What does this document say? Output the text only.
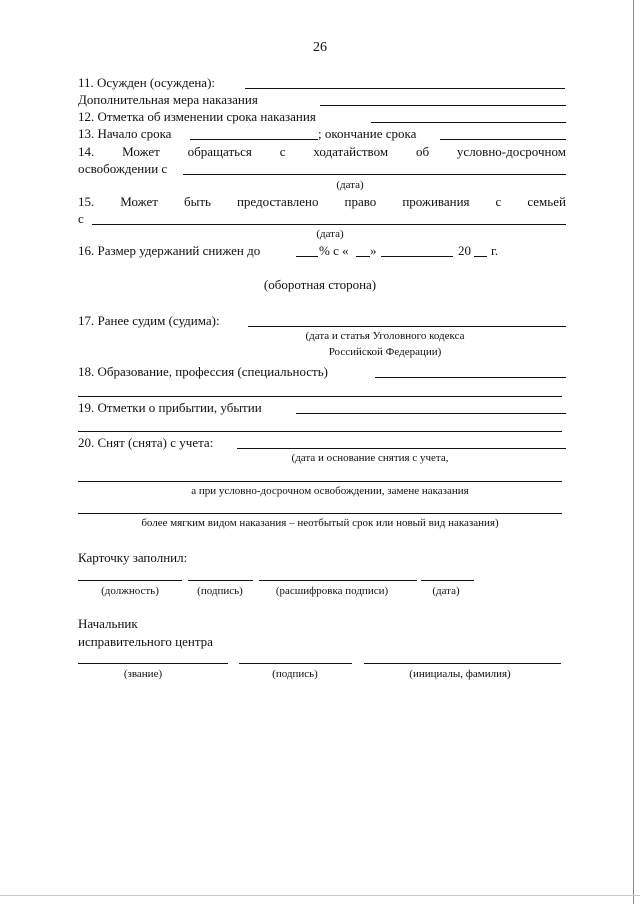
26
11. Осужден (осуждена):
Дополнительная мера наказания
12. Отметка об изменении срока наказания
13. Начало срока	; окончание срока
14. Может обращаться с ходатайством об условно-досрочном
освобождении с
(дата)
15. Может быть предоставлено право проживания с семьей
с
(дата)
16. Размер удержаний снижен до	% с « »	20 г.
(оборотная сторона)
17. Ранее судим (судима):
(дата и статья Уголовного кодекса
Российской Федерации)
18. Образование, профессия (специальность)
19. Отметки о прибытии, убытии
20. Снят (снята) с учета:
(дата и основание снятия с учета,
а при условно-досрочном освобождении, замене наказания
более мягким видом наказания – неотбытый срок или новый вид наказания)
Карточку заполнил:
(должность)	(подпись)	(расшифровка подписи)	(дата)
Начальник
исправительного центра
(звание)	(подпись)	(инициалы, фамилия)
